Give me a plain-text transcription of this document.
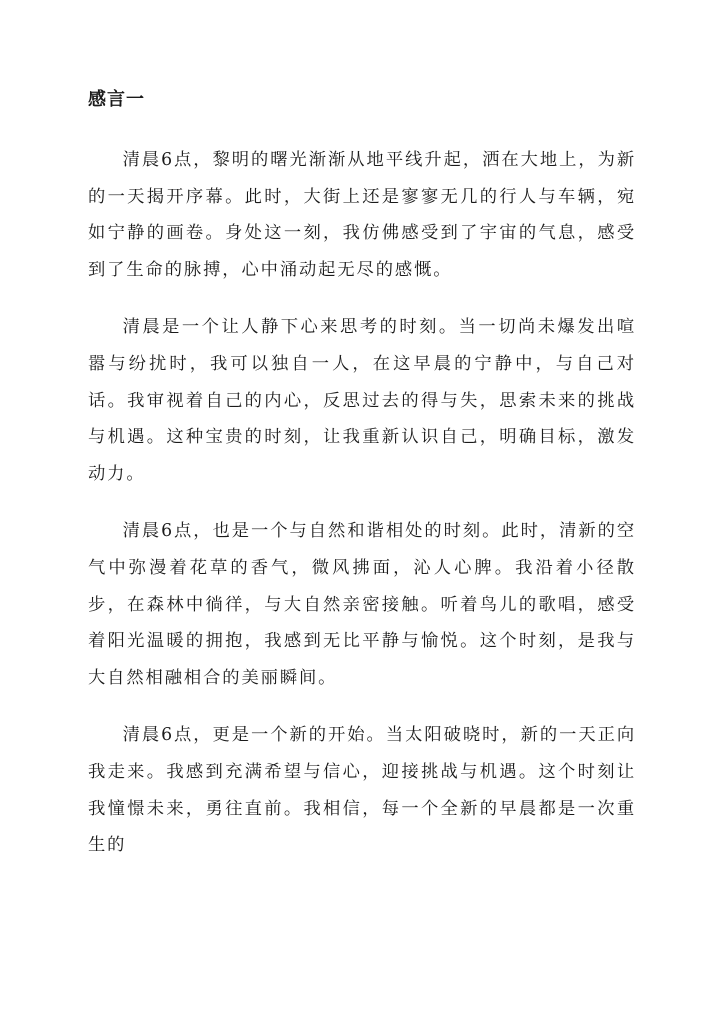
感言一

清晨6点，黎明的曙光渐渐从地平线升起，洒在大地上，为新的一天揭开序幕。此时，大街上还是寥寥无几的行人与车辆，宛如宁静的画卷。身处这一刻，我仿佛感受到了宇宙的气息，感受到了生命的脉搏，心中涌动起无尽的感慨。

清晨是一个让人静下心来思考的时刻。当一切尚未爆发出喧嚣与纷扰时，我可以独自一人，在这早晨的宁静中，与自己对话。我审视着自己的内心，反思过去的得与失，思索未来的挑战与机遇。这种宝贵的时刻，让我重新认识自己，明确目标，激发动力。

清晨6点，也是一个与自然和谐相处的时刻。此时，清新的空气中弥漫着花草的香气，微风拂面，沁人心脾。我沿着小径散步，在森林中徜徉，与大自然亲密接触。听着鸟儿的歌唱，感受着阳光温暖的拥抱，我感到无比平静与愉悦。这个时刻，是我与大自然相融相合的美丽瞬间。

清晨6点，更是一个新的开始。当太阳破晓时，新的一天正向我走来。我感到充满希望与信心，迎接挑战与机遇。这个时刻让我憧憬未来，勇往直前。我相信，每一个全新的早晨都是一次重生的
